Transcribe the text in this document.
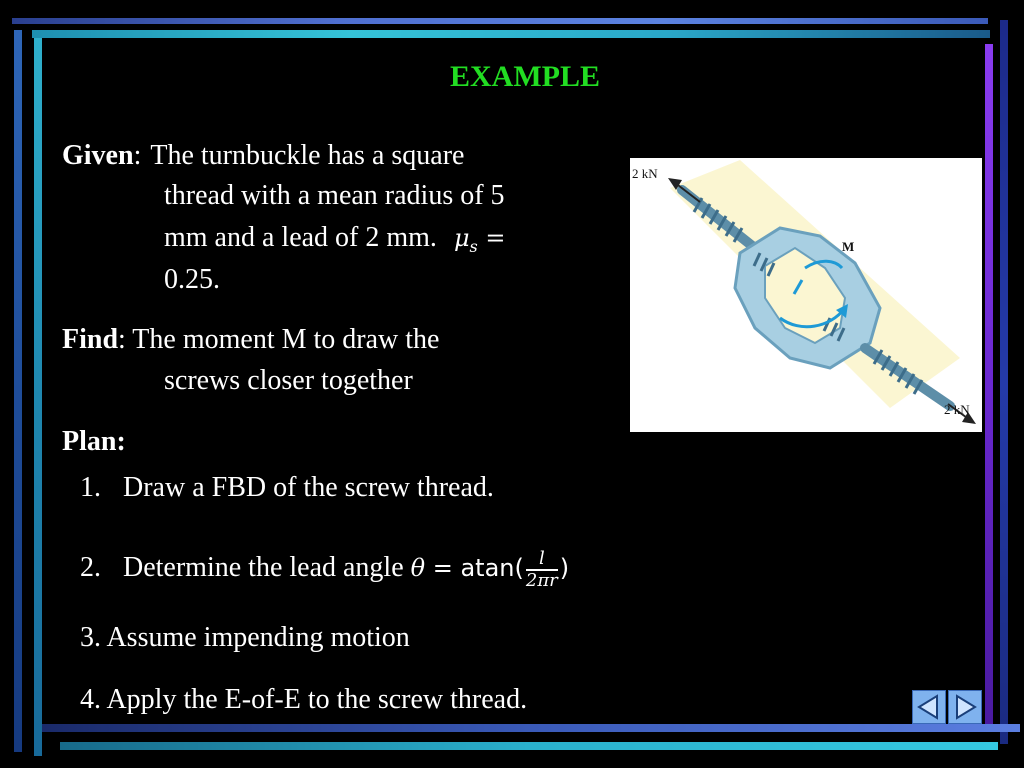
EXAMPLE
Given: The turnbuckle has a square
thread with a mean radius of 5
mm and a lead of 2 mm. $\mu_s$ =
0.25.
Find: The moment M to draw the
screws closer together
Plan:
1. Draw a FBD of the screw thread.
2. Determine the lead angle $\theta = atan( \frac{l}{2\pi r}$ )
3. Assume impending motion
4. Apply the E-of-E to the screw thread.
2 kN
2 kN
M
